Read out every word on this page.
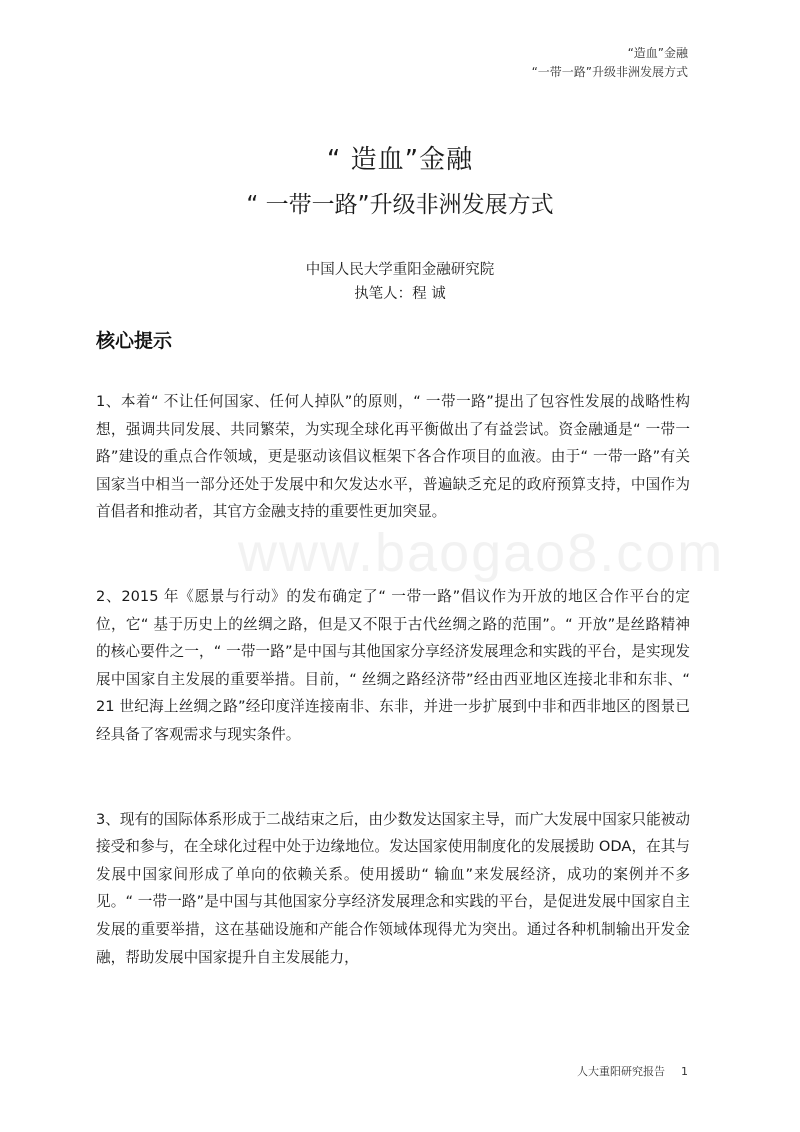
“造血”金融
“一带一路”升级非洲发展方式
“ 造血”金融
“ 一带一路”升级非洲发展方式
中国人民大学重阳金融研究院
执笔人：程 诚
核心提示
www.baogao8.com

1、本着“ 不让任何国家、任何人掉队”的原则，“ 一带一路”提出了包容性发展的战略性构想，强调共同发展、共同繁荣，为实现全球化再平衡做出了有益尝试。资金融通是“ 一带一路”建设的重点合作领域，更是驱动该倡议框架下各合作项目的血液。由于“ 一带一路”有关国家当中相当一部分还处于发展中和欠发达水平，普遍缺乏充足的政府预算支持，中国作为首倡者和推动者，其官方金融支持的重要性更加突显。

2、2015 年《愿景与行动》的发布确定了“ 一带一路”倡议作为开放的地区合作平台的定位，它“ 基于历史上的丝绸之路，但是又不限于古代丝绸之路的范围”。“ 开放”是丝路精神的核心要件之一，“ 一带一路”是中国与其他国家分享经济发展理念和实践的平台，是实现发展中国家自主发展的重要举措。目前，“ 丝绸之路经济带”经由西亚地区连接北非和东非、“ 21 世纪海上丝绸之路”经印度洋连接南非、东非，并进一步扩展到中非和西非地区的图景已经具备了客观需求与现实条件。

3、现有的国际体系形成于二战结束之后，由少数发达国家主导，而广大发展中国家只能被动接受和参与，在全球化过程中处于边缘地位。发达国家使用制度化的发展援助 ODA，在其与发展中国家间形成了单向的依赖关系。使用援助“ 输血”来发展经济，成功的案例并不多见。“ 一带一路”是中国与其他国家分享经济发展理念和实践的平台，是促进发展中国家自主发展的重要举措，这在基础设施和产能合作领域体现得尤为突出。通过各种机制输出开发金融，帮助发展中国家提升自主发展能力，

人大重阳研究报告 1
